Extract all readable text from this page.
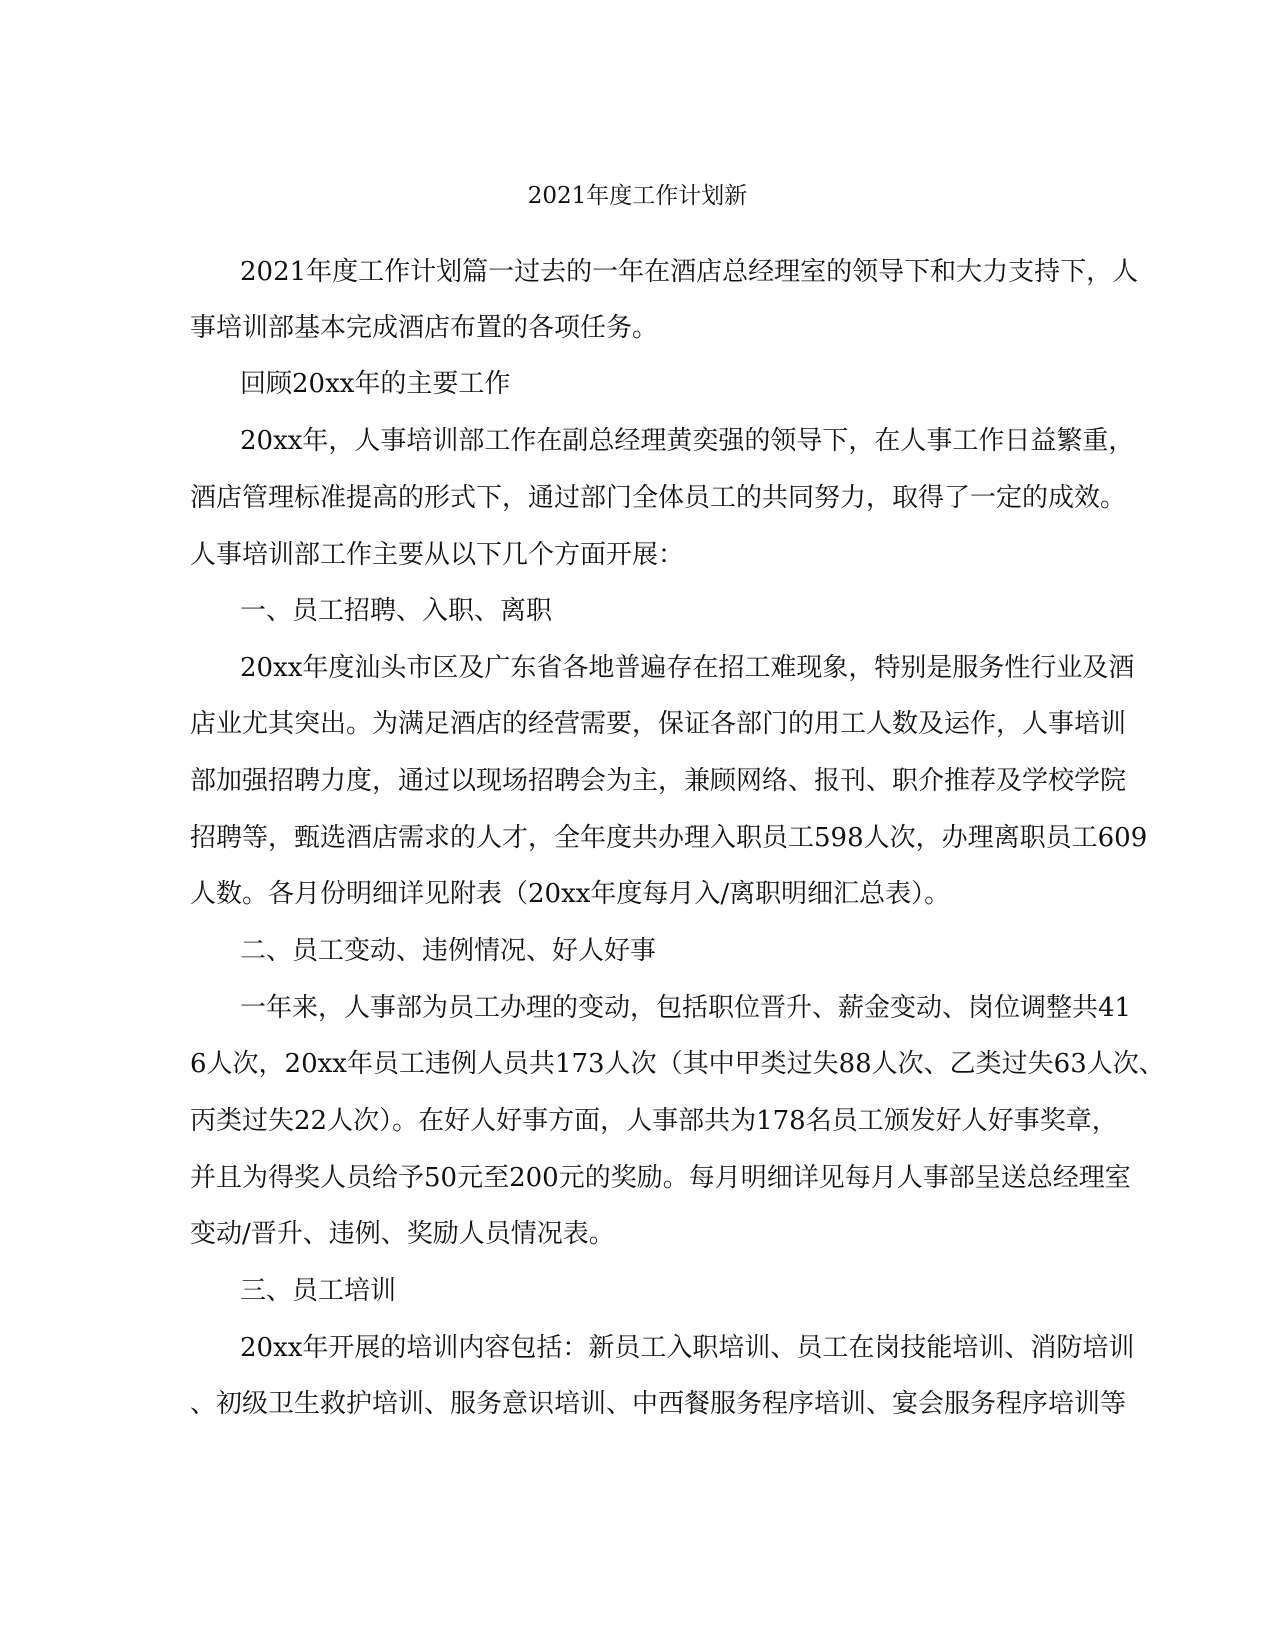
2021年度工作计划新
2021年度工作计划篇一过去的一年在酒店总经理室的领导下和大力支持下，人
事培训部基本完成酒店布置的各项任务。
回顾20xx年的主要工作
20xx年，人事培训部工作在副总经理黄奕强的领导下，在人事工作日益繁重，
酒店管理标准提高的形式下，通过部门全体员工的共同努力，取得了一定的成效。
人事培训部工作主要从以下几个方面开展：
一、员工招聘、入职、离职
20xx年度汕头市区及广东省各地普遍存在招工难现象，特别是服务性行业及酒
店业尤其突出。为满足酒店的经营需要，保证各部门的用工人数及运作，人事培训
部加强招聘力度，通过以现场招聘会为主，兼顾网络、报刊、职介推荐及学校学院
招聘等，甄选酒店需求的人才，全年度共办理入职员工598人次，办理离职员工609
人数。各月份明细详见附表（20xx年度每月入/离职明细汇总表）。
二、员工变动、违例情况、好人好事
一年来，人事部为员工办理的变动，包括职位晋升、薪金变动、岗位调整共41
6人次，20xx年员工违例人员共173人次（其中甲类过失88人次、乙类过失63人次、
丙类过失22人次）。在好人好事方面，人事部共为178名员工颁发好人好事奖章，
并且为得奖人员给予50元至200元的奖励。每月明细详见每月人事部呈送总经理室
变动/晋升、违例、奖励人员情况表。
三、员工培训
20xx年开展的培训内容包括：新员工入职培训、员工在岗技能培训、消防培训
、初级卫生救护培训、服务意识培训、中西餐服务程序培训、宴会服务程序培训等
